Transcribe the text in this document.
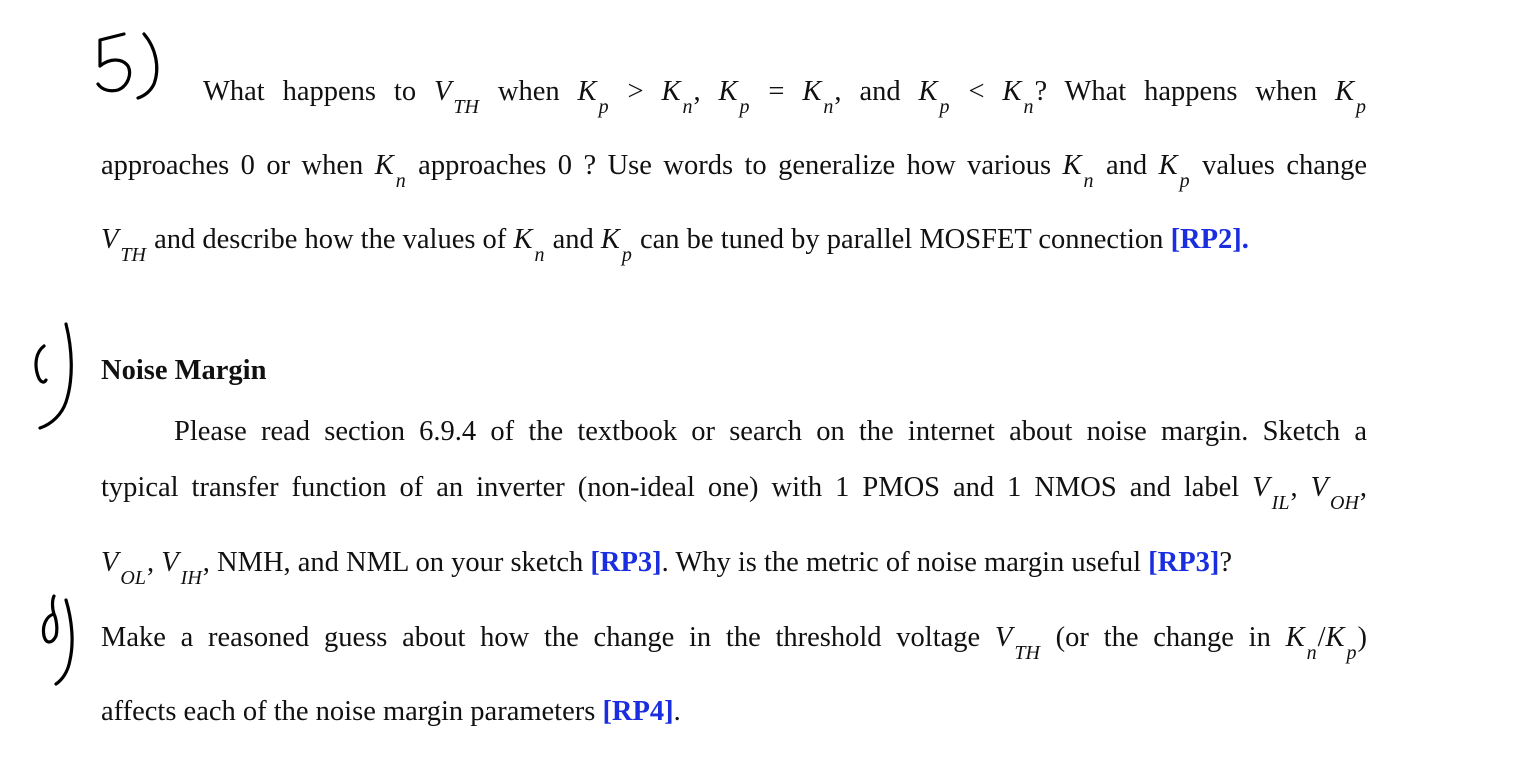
What happens to V $_{TH}$ when K $_p$ > K $_n$, K $_p$ = K $_n$, and K $_p$ < K $_n$? What happens when K $_p$
approaches 0 or when K $_n$ approaches 0 ? Use words to generalize how various K $_n$ and K $_p$ values change
V $_{TH}$ and describe how the values of K $_n$ and K $_p$ can be tuned by parallel MOSFET connection [RP2].
Noise Margin
Please read section 6.9.4 of the textbook or search on the internet about noise margin. Sketch a
typical transfer function of an inverter (non-ideal one) with 1 PMOS and 1 NMOS and label V $_{IL}$, V $_{OH}$,
V $_{OL}$, V $_{IH}$, NMH, and NML on your sketch [RP3]. Why is the metric of noise margin useful [RP3]?
Make a reasoned guess about how the change in the threshold voltage V $_{TH}$ (or the change in K $_n$/K $_p$)
affects each of the noise margin parameters [RP4].
